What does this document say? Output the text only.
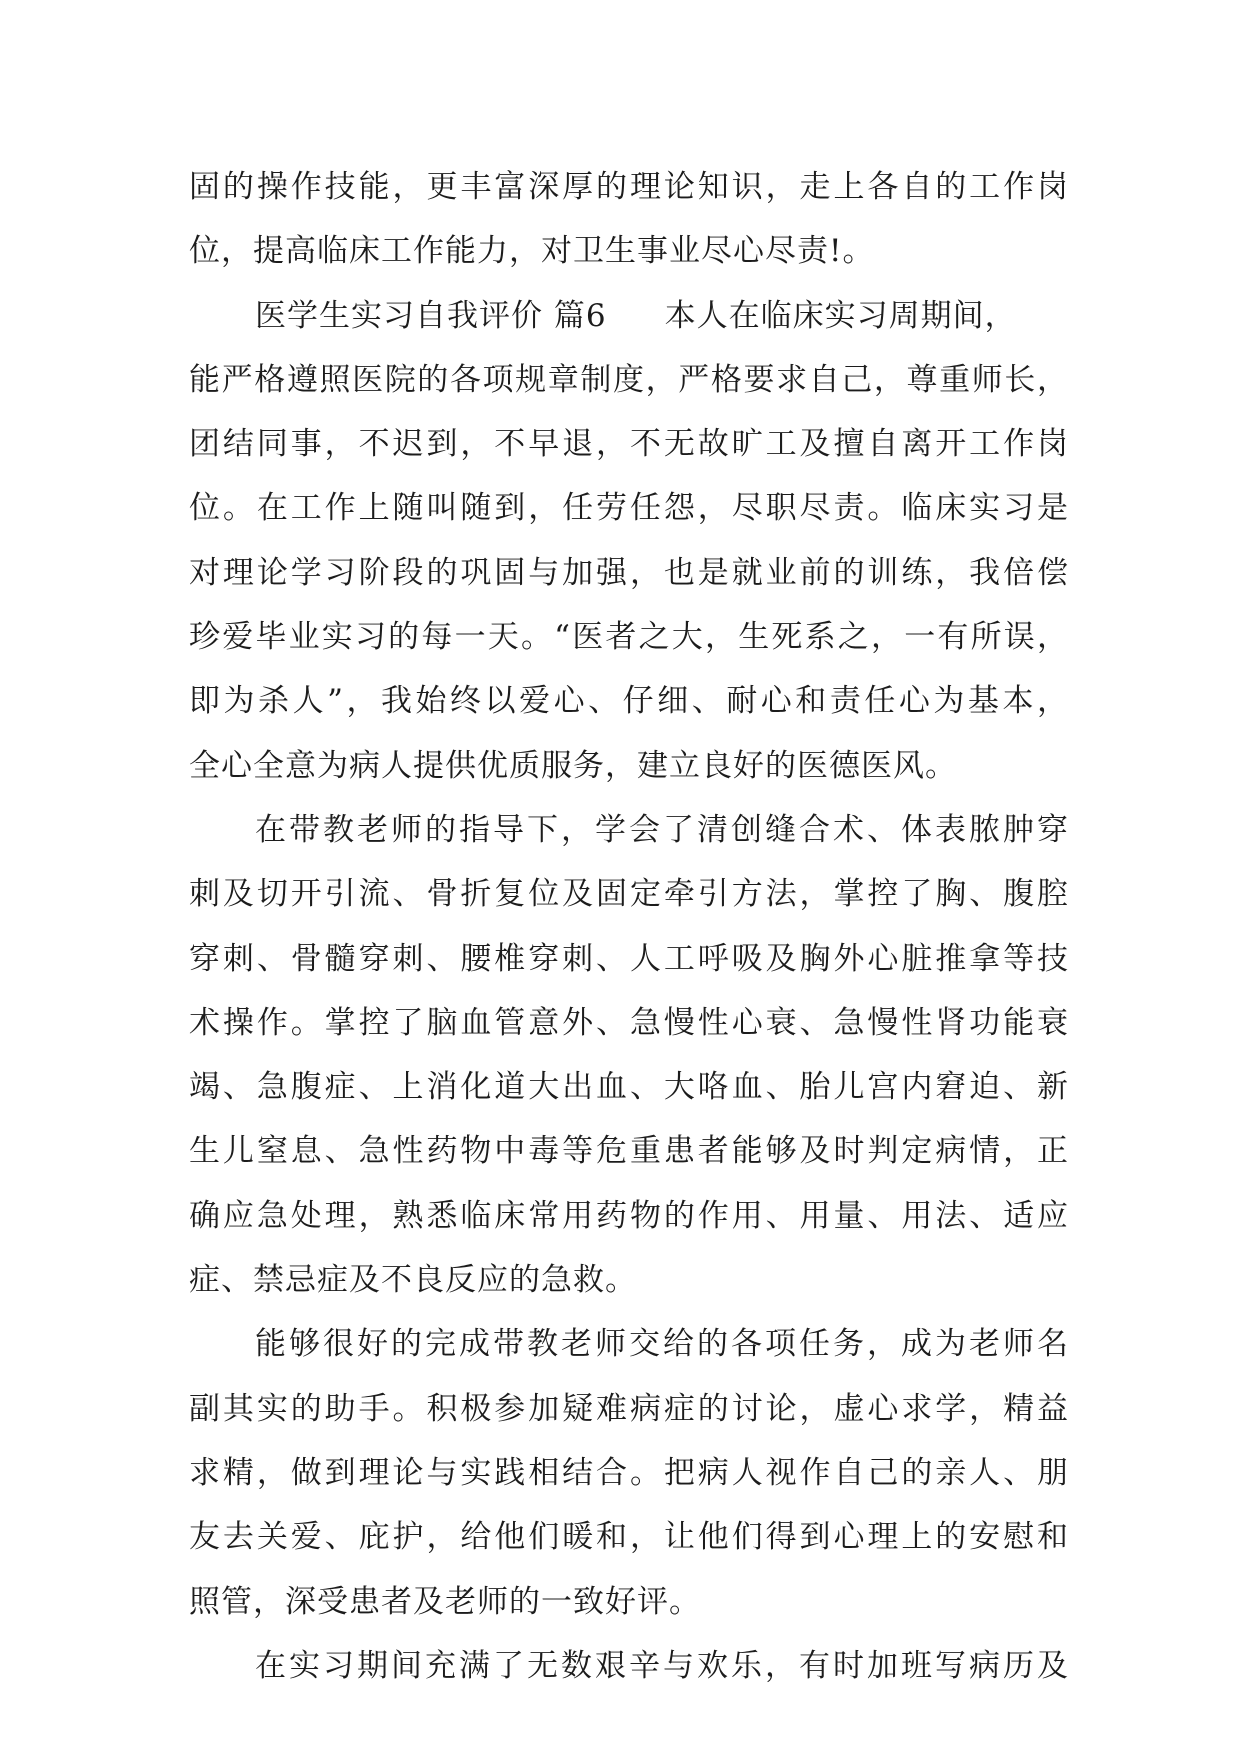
固的操作技能，更丰富深厚的理论知识，走上各自的工作岗
位，提高临床工作能力，对卫生事业尽心尽责!。
医学生实习自我评价 篇6 本人在临床实习周期间，
能严格遵照医院的各项规章制度，严格要求自己，尊重师长，
团结同事，不迟到，不早退，不无故旷工及擅自离开工作岗
位。在工作上随叫随到，任劳任怨，尽职尽责。临床实习是
对理论学习阶段的巩固与加强，也是就业前的训练，我倍偿
珍爱毕业实习的每一天。“医者之大，生死系之，一有所误，
即为杀人”，我始终以爱心、仔细、耐心和责任心为基本，
全心全意为病人提供优质服务，建立良好的医德医风。
在带教老师的指导下，学会了清创缝合术、体表脓肿穿
刺及切开引流、骨折复位及固定牵引方法，掌控了胸、腹腔
穿刺、骨髓穿刺、腰椎穿刺、人工呼吸及胸外心脏推拿等技
术操作。掌控了脑血管意外、急慢性心衰、急慢性肾功能衰
竭、急腹症、上消化道大出血、大咯血、胎儿宫内窘迫、新
生儿窒息、急性药物中毒等危重患者能够及时判定病情，正
确应急处理，熟悉临床常用药物的作用、用量、用法、适应
症、禁忌症及不良反应的急救。
能够很好的完成带教老师交给的各项任务，成为老师名
副其实的助手。积极参加疑难病症的讨论，虚心求学，精益
求精，做到理论与实践相结合。把病人视作自己的亲人、朋
友去关爱、庇护，给他们暖和，让他们得到心理上的安慰和
照管，深受患者及老师的一致好评。
在实习期间充满了无数艰辛与欢乐，有时加班写病历及
